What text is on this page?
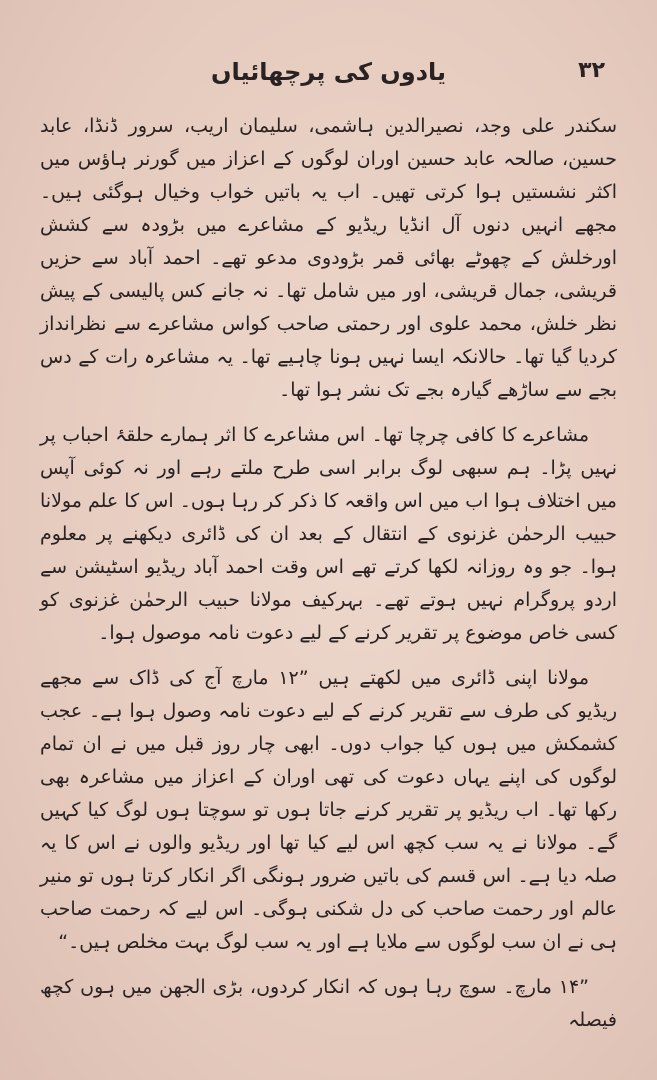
۳۲
یادوں کی پرچھائیاں

سکندر علی وجد، نصیرالدین ہاشمی، سلیمان اریب، سرور ڈنڈا، عابد حسین، صالحہ عابد حسین اوران لوگوں کے اعزاز میں گورنر ہاؤس میں اکثر نشستیں ہوا کرتی تھیں۔ اب یہ باتیں خواب وخیال ہوگئی ہیں۔ مجھے انہیں دنوں آل انڈیا ریڈیو کے مشاعرے میں بڑودہ سے کشش اورخلش کے چھوٹے بھائی قمر بڑودوی مدعو تھے۔ احمد آباد سے حزیں قریشی، جمال قریشی، اور میں شامل تھا۔ نہ جانے کس پالیسی کے پیش نظر خلش، محمد علوی اور رحمتی صاحب کواس مشاعرے سے نظرانداز کردیا گیا تھا۔ حالانکہ ایسا نہیں ہونا چاہیے تھا۔ یہ مشاعرہ رات کے دس بجے سے ساڑھے گیارہ بجے تک نشر ہوا تھا۔

مشاعرے کا کافی چرچا تھا۔ اس مشاعرے کا اثر ہمارے حلقۂ احباب پر نہیں پڑا۔ ہم سبھی لوگ برابر اسی طرح ملتے رہے اور نہ کوئی آپس میں اختلاف ہوا اب میں اس واقعہ کا ذکر کر رہا ہوں۔ اس کا علم مولانا حبیب الرحمٰن غزنوی کے انتقال کے بعد ان کی ڈائری دیکھنے پر معلوم ہوا۔ جو وہ روزانہ لکھا کرتے تھے اس وقت احمد آباد ریڈیو اسٹیشن سے اردو پروگرام نہیں ہوتے تھے۔ بہرکیف مولانا حبیب الرحمٰن غزنوی کو کسی خاص موضوع پر تقریر کرنے کے لیے دعوت نامہ موصول ہوا۔

مولانا اپنی ڈائری میں لکھتے ہیں ”۱۲ مارچ آج کی ڈاک سے مجھے ریڈیو کی طرف سے تقریر کرنے کے لیے دعوت نامہ وصول ہوا ہے۔ عجب کشمکش میں ہوں کیا جواب دوں۔ ابھی چار روز قبل میں نے ان تمام لوگوں کی اپنے یہاں دعوت کی تھی اوران کے اعزاز میں مشاعرہ بھی رکھا تھا۔ اب ریڈیو پر تقریر کرنے جاتا ہوں تو سوچتا ہوں لوگ کیا کہیں گے۔ مولانا نے یہ سب کچھ اس لیے کیا تھا اور ریڈیو والوں نے اس کا یہ صلہ دیا ہے۔ اس قسم کی باتیں ضرور ہونگی اگر انکار کرتا ہوں تو منیر عالم اور رحمت صاحب کی دل شکنی ہوگی۔ اس لیے کہ رحمت صاحب ہی نے ان سب لوگوں سے ملایا ہے اور یہ سب لوگ بہت مخلص ہیں۔“

”۱۴ مارچ۔ سوچ رہا ہوں کہ انکار کردوں، بڑی الجھن میں ہوں کچھ فیصلہ
